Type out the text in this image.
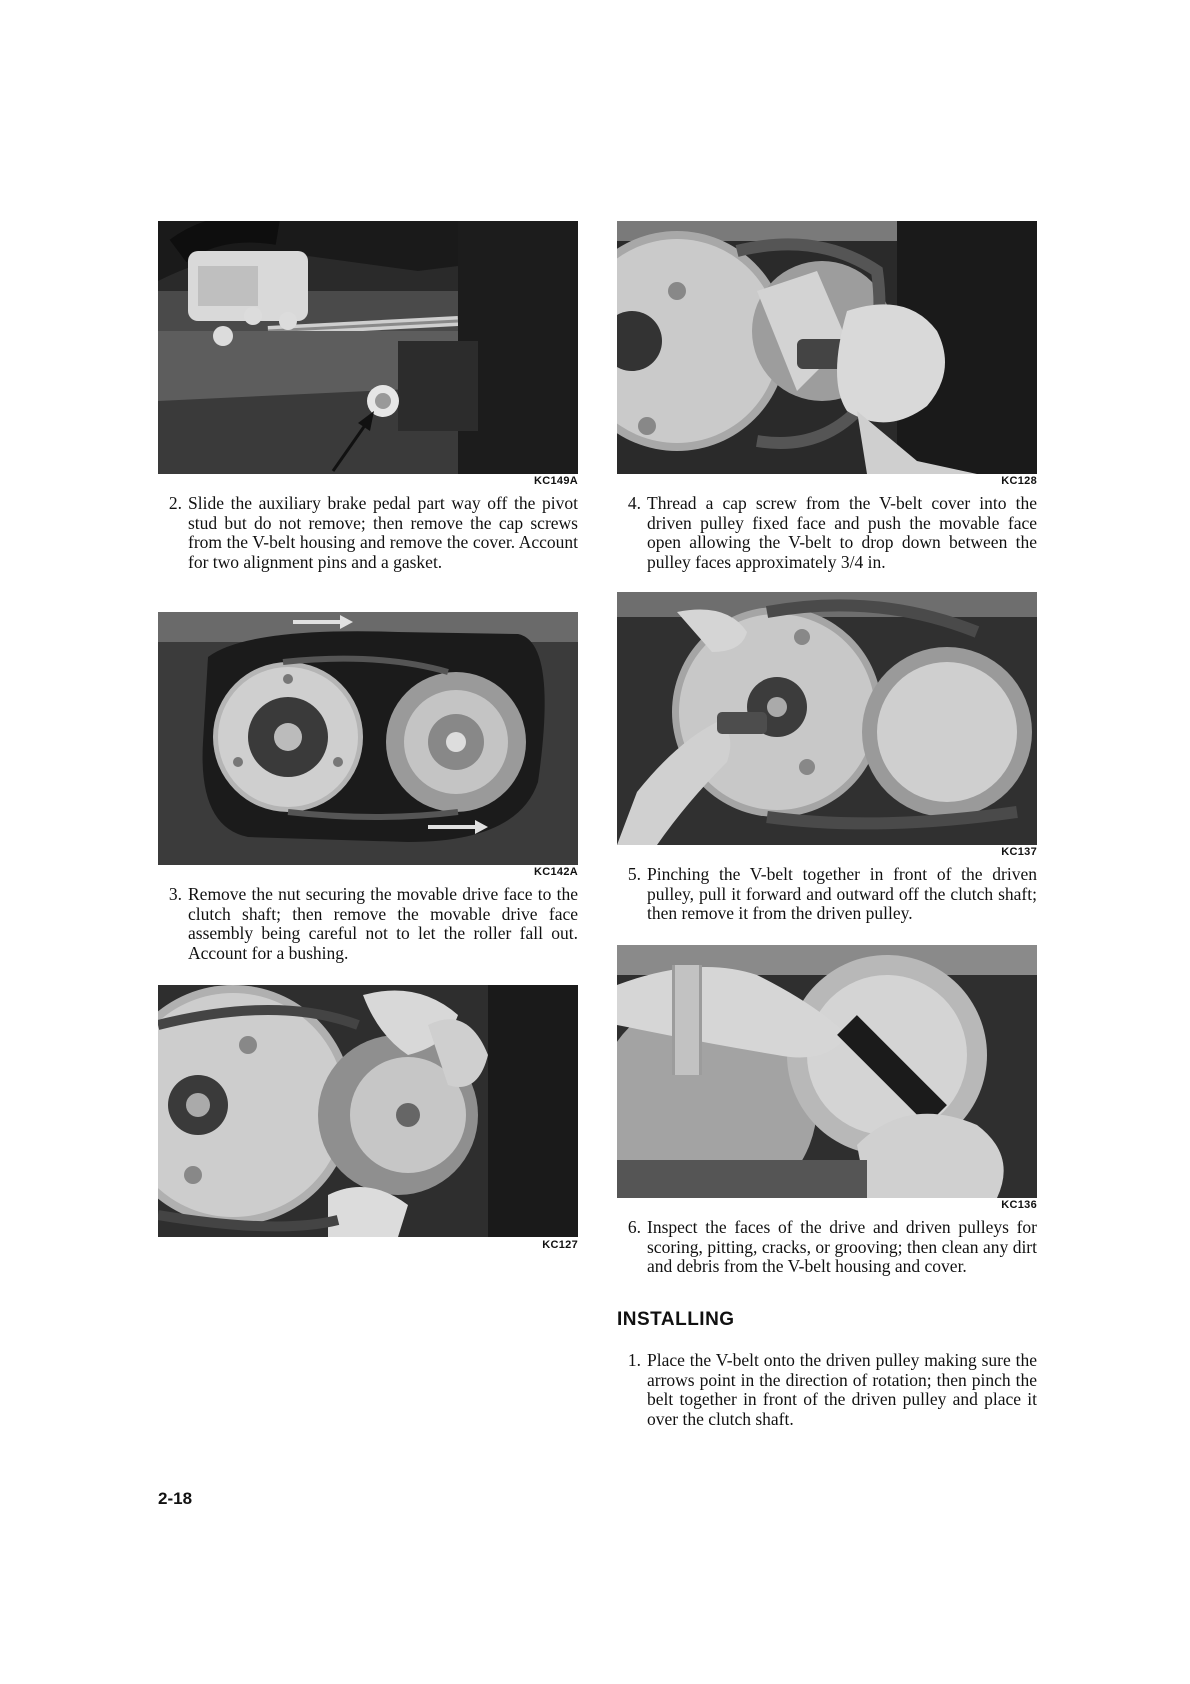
KC149A
2. Slide the auxiliary brake pedal part way off the pivot stud but do not remove; then remove the cap screws from the V-belt housing and remove the cover. Account for two alignment pins and a gasket.
KC142A
3. Remove the nut securing the movable drive face to the clutch shaft; then remove the movable drive face assembly being careful not to let the roller fall out. Account for a bushing.
KC127
KC128
4. Thread a cap screw from the V-belt cover into the driven pulley fixed face and push the movable face open allowing the V-belt to drop down between the pulley faces approximately 3/4 in.
KC137
5. Pinching the V-belt together in front of the driven pulley, pull it forward and outward off the clutch shaft; then remove it from the driven pulley.
KC136
6. Inspect the faces of the drive and driven pulleys for scoring, pitting, cracks, or grooving; then clean any dirt and debris from the V-belt housing and cover.
INSTALLING
1. Place the V-belt onto the driven pulley making sure the arrows point in the direction of rotation; then pinch the belt together in front of the driven pulley and place it over the clutch shaft.
2-18
